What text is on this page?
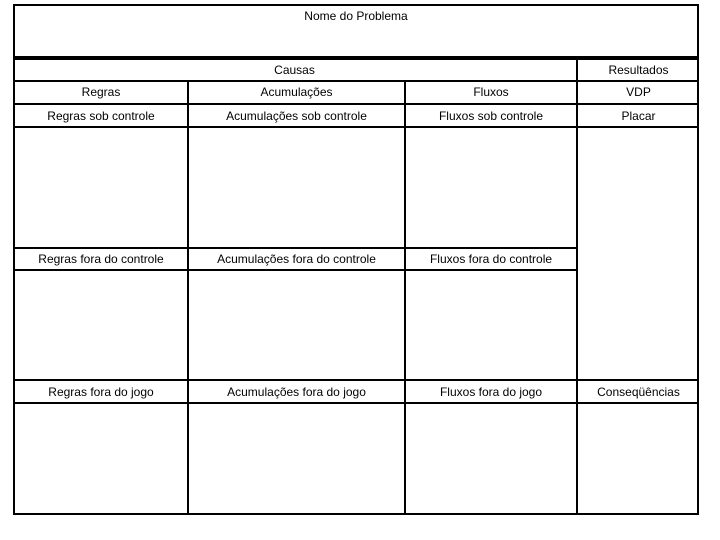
Nome do Problema
Causas	Resultados
Regras	Acumulações	Fluxos	VDP
Regras sob controle	Acumulações sob controle	Fluxos sob controle	Placar
Regras fora do controle	Acumulações fora do controle	Fluxos fora do controle
Regras fora do jogo	Acumulações fora do jogo	Fluxos fora do jogo	Conseqüências
